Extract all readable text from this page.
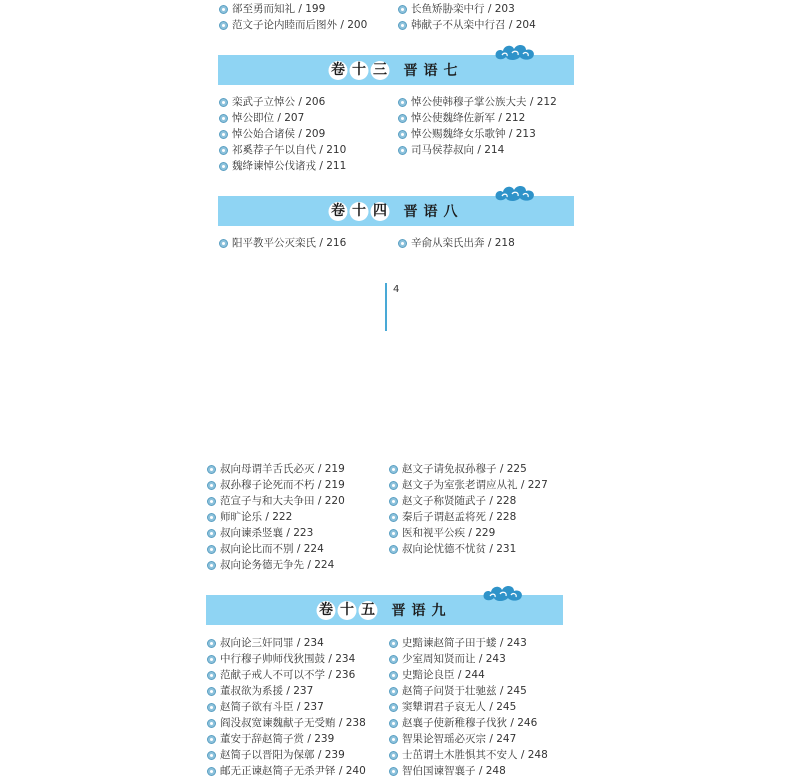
郤至勇而知礼 / 199
范文子论内睦而后图外 / 200
长鱼矫胁栾中行 / 203
韩献子不从栾中行召 / 204
卷 十 三 晋语七
栾武子立悼公 / 206
悼公即位 / 207
悼公始合诸侯 / 209
祁奚荐子午以自代 / 210
魏绛谏悼公伐诸戎 / 211
悼公使韩穆子掌公族大夫 / 212
悼公使魏绛佐新军 / 212
悼公赐魏绛女乐歌钟 / 213
司马侯荐叔向 / 214
卷 十 四 晋语八
阳平教平公灭栾氏 / 216	辛俞从栾氏出奔 / 218
4
叔向母谓羊舌氏必灭 / 219
叔孙穆子论死而不朽 / 219
范宣子与和大夫争田 / 220
师旷论乐 / 222
叔向谏杀竖襄 / 223
叔向论比而不别 / 224
叔向论务德无争先 / 224
赵文子请免叔孙穆子 / 225
赵文子为室张老谓应从礼 / 227
赵文子称贤随武子 / 228
秦后子谓赵孟将死 / 228
医和视平公疾 / 229
叔向论忧德不忧贫 / 231
卷 十 五 晋语九
叔向论三奸同罪 / 234
中行穆子帅师伐狄围鼓 / 234
范献子戒人不可以不学 / 236
董叔欲为系援 / 237
赵简子欲有斗臣 / 237
阎没叔宽谏魏献子无受贿 / 238
董安于辞赵简子赏 / 239
赵简子以晋阳为保鄣 / 239
邮无正谏赵简子无杀尹铎 / 240
史黯谏赵简子田于蝼 / 243
少室周知贤而让 / 243
史黯论良臣 / 244
赵简子问贤于壮驰兹 / 245
窦犨谓君子哀无人 / 245
赵襄子使新稚穆子伐狄 / 246
智果论智瑶必灭宗 / 247
士茁谓土木胜惧其不安人 / 248
智伯国谏智襄子 / 248
